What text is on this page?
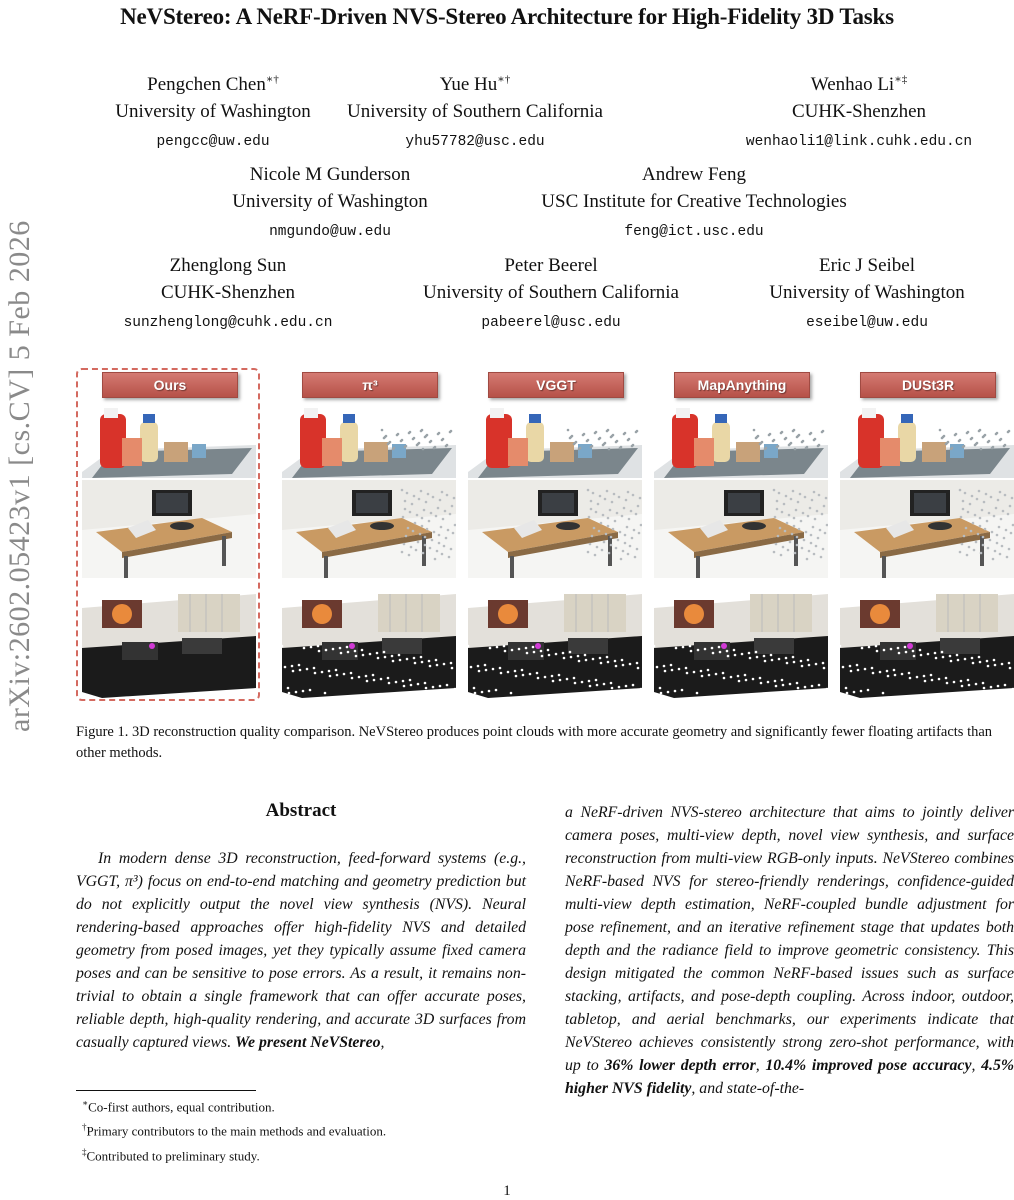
NeVStereo: A NeRF-Driven NVS-Stereo Architecture for High-Fidelity 3D Tasks
arXiv:2602.05423v1 [cs.CV] 5 Feb 2026
Pengchen Chen∗†
University of Washington
pengcc@uw.edu
Yue Hu∗†
University of Southern California
yhu57782@usc.edu
Wenhao Li∗‡
CUHK-Shenzhen
wenhaoli1@link.cuhk.edu.cn
Nicole M Gunderson
University of Washington
nmgundo@uw.edu
Andrew Feng
USC Institute for Creative Technologies
feng@ict.usc.edu
Zhenglong Sun
CUHK-Shenzhen
sunzhenglong@cuhk.edu.cn
Peter Beerel
University of Southern California
pabeerel@usc.edu
Eric J Seibel
University of Washington
eseibel@uw.edu
Ours	π³	VGGT	MapAnything	DUSt3R
Figure 1. 3D reconstruction quality comparison. NeVStereo produces point clouds with more accurate geometry and significantly fewer floating artifacts than other methods.
Abstract
In modern dense 3D reconstruction, feed-forward systems (e.g., VGGT, π³) focus on end-to-end matching and geometry prediction but do not explicitly output the novel view synthesis (NVS). Neural rendering-based approaches offer high-fidelity NVS and detailed geometry from posed images, yet they typically assume fixed camera poses and can be sensitive to pose errors. As a result, it remains non-trivial to obtain a single framework that can offer accurate poses, reliable depth, high-quality rendering, and accurate 3D surfaces from casually captured views. We present NeVStereo,
a NeRF-driven NVS-stereo architecture that aims to jointly deliver camera poses, multi-view depth, novel view synthesis, and surface reconstruction from multi-view RGB-only inputs. NeVStereo combines NeRF-based NVS for stereo-friendly renderings, confidence-guided multi-view depth estimation, NeRF-coupled bundle adjustment for pose refinement, and an iterative refinement stage that updates both depth and the radiance field to improve geometric consistency. This design mitigated the common NeRF-based issues such as surface stacking, artifacts, and pose-depth coupling. Across indoor, outdoor, tabletop, and aerial benchmarks, our experiments indicate that NeVStereo achieves consistently strong zero-shot performance, with up to 36% lower depth error, 10.4% improved pose accuracy, 4.5% higher NVS fidelity, and state-of-the-
∗Co-first authors, equal contribution.
†Primary contributors to the main methods and evaluation.
‡Contributed to preliminary study.
1
